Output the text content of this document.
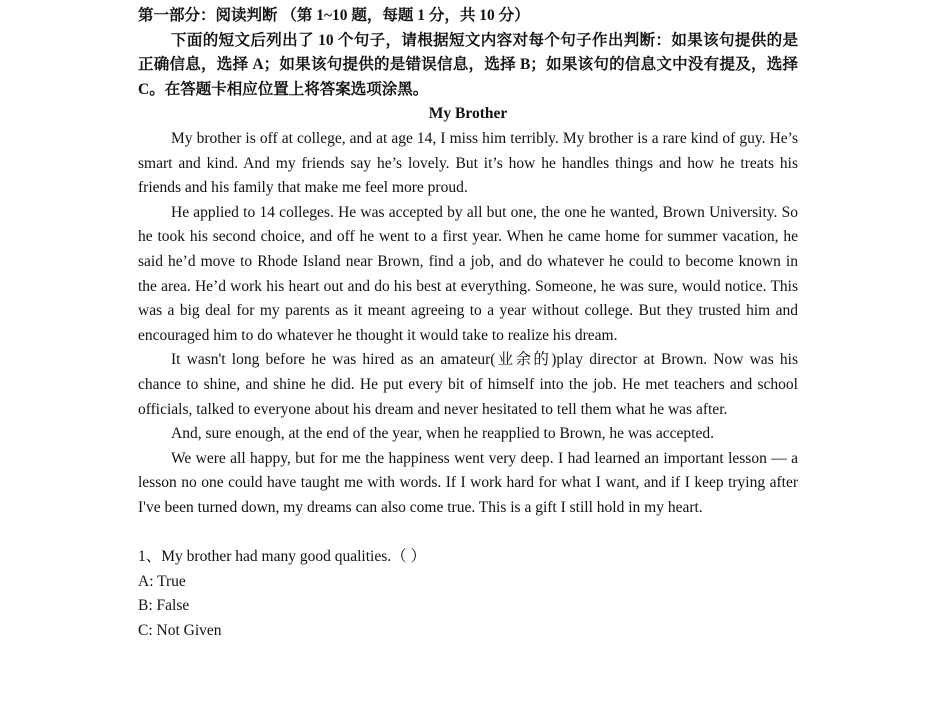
第一部分：阅读判断 （第 1~10 题，每题 1 分，共 10 分）

下面的短文后列出了 10 个句子，请根据短文内容对每个句子作出判断：如果该句提供的是正确信息，选择 A；如果该句提供的是错误信息，选择 B；如果该句的信息文中没有提及，选择 C。在答题卡相应位置上将答案选项涂黑。

My Brother

My brother is off at college, and at age 14, I miss him terribly. My brother is a rare kind of guy. He’s smart and kind. And my friends say he’s lovely. But it’s how he handles things and how he treats his friends and his family that make me feel more proud.

He applied to 14 colleges. He was accepted by all but one, the one he wanted, Brown University. So he took his second choice, and off he went to a first year. When he came home for summer vacation, he said he’d move to Rhode Island near Brown, find a job, and do whatever he could to become known in the area. He’d work his heart out and do his best at everything. Someone, he was sure, would notice. This was a big deal for my parents as it meant agreeing to a year without college. But they trusted him and encouraged him to do whatever he thought it would take to realize his dream.

It wasn't long before he was hired as an amateur(业余的)play director at Brown. Now was his chance to shine, and shine he did. He put every bit of himself into the job. He met teachers and school officials, talked to everyone about his dream and never hesitated to tell them what he was after.

And, sure enough, at the end of the year, when he reapplied to Brown, he was accepted.

We were all happy, but for me the happiness went very deep. I had learned an important lesson — a lesson no one could have taught me with words. If I work hard for what I want, and if I keep trying after I've been turned down, my dreams can also come true. This is a gift I still hold in my heart.

1、My brother had many good qualities.（ ）

A: True

B: False

C: Not Given
